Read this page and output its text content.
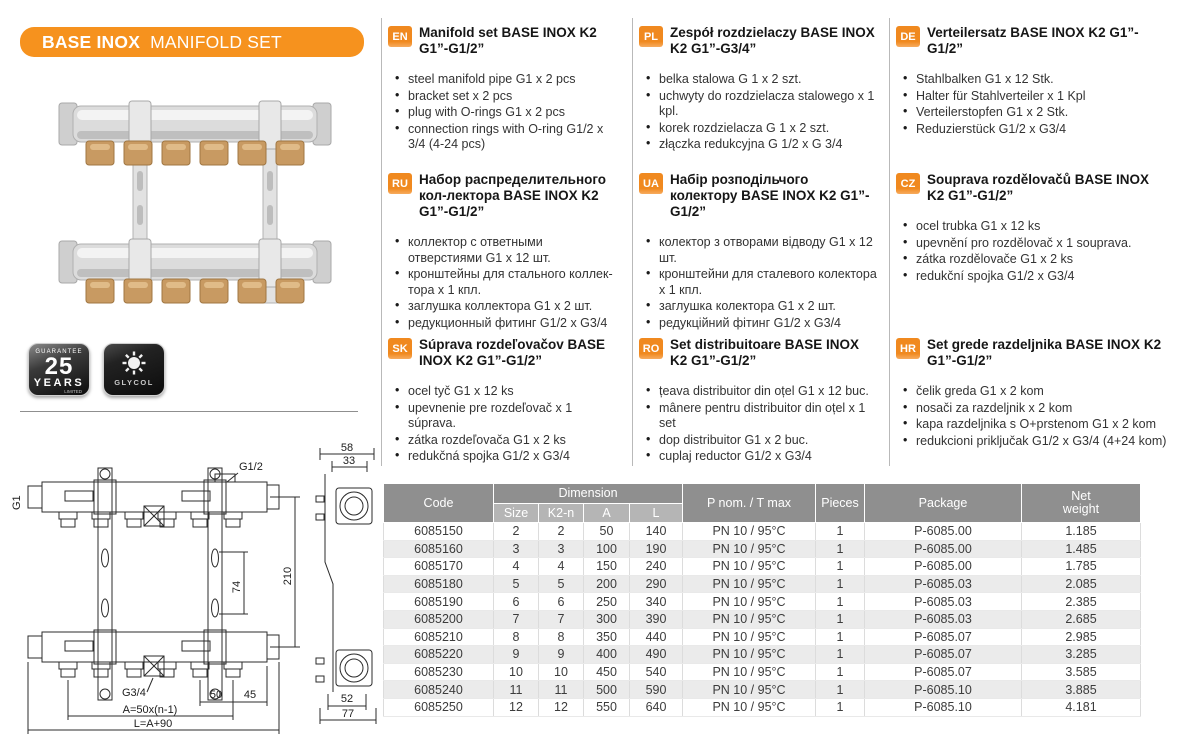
BASE INOX MANIFOLD SET
GUARANTEE
25
YEARS
LIMITED
GLYCOL
G1
G1/2
G3/4
74
210
50 45
A=50x(n-1)
L=A+90
58
33
52
77
EN Manifold set BASE INOX K2 G1”-G1/2”
• steel manifold pipe G1 x 2 pcs
• bracket set x 2 pcs
• plug with O-rings G1 x 2 pcs
• connection rings with O-ring G1/2 x 3/4 (4-24 pcs)
PL Zespół rozdzielaczy BASE INOX K2 G1”-G3/4”
• belka stalowa G 1 x 2 szt.
• uchwyty do rozdzielacza stalowego x 1 kpl.
• korek rozdzielacza G 1 x 2 szt.
• złączka redukcyjna G 1/2 x G 3/4
DE Verteilersatz BASE INOX K2 G1”-G1/2”
• Stahlbalken G1 x 12 Stk.
• Halter für Stahlverteiler x 1 Kpl
• Verteilerstopfen G1 x 2 Stk.
• Reduzierstück G1/2 x G3/4
RU Набор распределительного кол-лектора BASE INOX K2 G1”-G1/2”
• коллектор с ответными отверстиями G1 x 12 шт.
• кронштейны для стального коллек-тора x 1 кпл.
• заглушка коллектора G1 x 2 шт.
• редукционный фитинг G1/2 x G3/4
UA Набір розподільчого колектору BASE INOX K2 G1”-G1/2”
• колектор з отворами відводу G1 x 12 шт.
• кронштейни для сталевого колектора x 1 кпл.
• заглушка колектора G1 x 2 шт.
• редукційний фітинг G1/2 x G3/4
CZ Souprava rozdělovačů BASE INOX K2 G1”-G1/2”
• ocel trubka G1 x 12 ks
• upevnění pro rozdělovač x 1 souprava.
• zátka rozdělovače G1 x 2 ks
• redukční spojka G1/2 x G3/4
SK Súprava rozdeľovačov BASE INOX K2 G1”-G1/2”
• ocel tyč G1 x 12 ks
• upevnenie pre rozdeľovač x 1 súprava.
• zátka rozdeľovača G1 x 2 ks
• redukčná spojka G1/2 x G3/4
RO Set distribuitoare BASE INOX K2 G1”-G1/2”
• țeava distribuitor din oțel G1 x 12 buc.
• mânere pentru distribuitor din oțel x 1 set
• dop distribuitor G1 x 2 buc.
• cuplaj reductor G1/2 x G3/4
HR Set grede razdeljnika BASE INOX K2 G1”-G1/2”
• čelik greda G1 x 2 kom
• nosači za razdeljnik x 2 kom
• kapa razdeljnika s O+prstenom G1 x 2 kom
• redukcioni priključak G1/2 x G3/4 (4+24 kom)
Code	Dimension				P nom. / T max	Pieces	Package	Net weight
	Size	K2-n	A	L				
6085150	2	2	50	140	PN 10 / 95°C	1	P-6085.00	1.185
6085160	3	3	100	190	PN 10 / 95°C	1	P-6085.00	1.485
6085170	4	4	150	240	PN 10 / 95°C	1	P-6085.00	1.785
6085180	5	5	200	290	PN 10 / 95°C	1	P-6085.03	2.085
6085190	6	6	250	340	PN 10 / 95°C	1	P-6085.03	2.385
6085200	7	7	300	390	PN 10 / 95°C	1	P-6085.03	2.685
6085210	8	8	350	440	PN 10 / 95°C	1	P-6085.07	2.985
6085220	9	9	400	490	PN 10 / 95°C	1	P-6085.07	3.285
6085230	10	10	450	540	PN 10 / 95°C	1	P-6085.07	3.585
6085240	11	11	500	590	PN 10 / 95°C	1	P-6085.10	3.885
6085250	12	12	550	640	PN 10 / 95°C	1	P-6085.10	4.181
